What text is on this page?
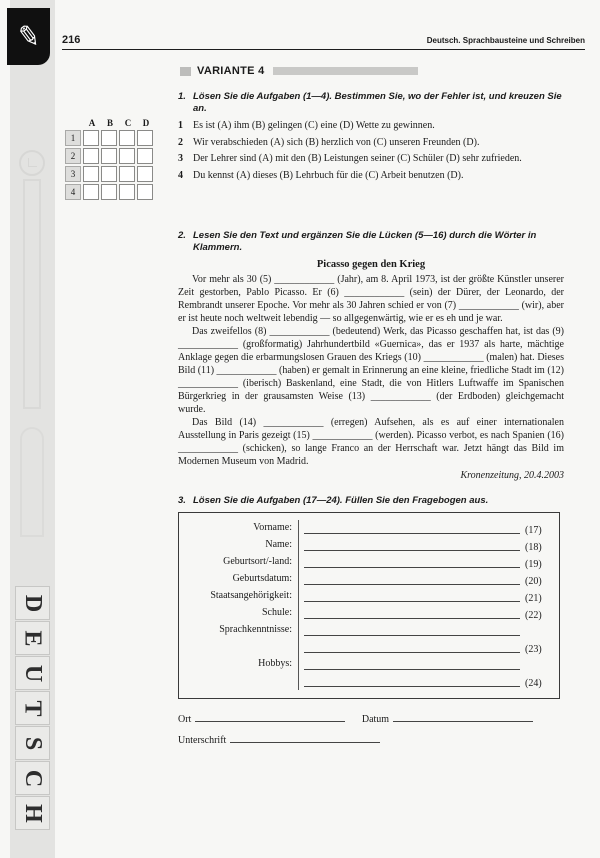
✎
D
E
U
T
S
C
H
216	Deutsch. Sprachbausteine und Schreiben
VARIANTE 4
1. Lösen Sie die Aufgaben (1—4). Bestimmen Sie, wo der Fehler ist, und kreuzen Sie an.
A	B	C	D
1
2
3
4
1	Es ist (A) ihm (B) gelingen (C) eine (D) Wette zu gewinnen.
2	Wir verabschieden (A) sich (B) herzlich von (C) unseren Freunden (D).
3	Der Lehrer sind (A) mit den (B) Leistungen seiner (C) Schüler (D) sehr zufrieden.
4	Du kennst (A) dieses (B) Lehrbuch für die (C) Arbeit benutzen (D).
2. Lesen Sie den Text und ergänzen Sie die Lücken (5—16) durch die Wörter in Klammern.
Picasso gegen den Krieg

Vor mehr als 30 (5) ____________ (Jahr), am 8. April 1973, ist der größte Künstler unserer Zeit gestorben, Pablo Picasso. Er (6) ____________ (sein) der Dürer, der Leonardo, der Rembrandt unserer Epoche. Vor mehr als 30 Jahren schied er von (7) ____________ (wir), aber er ist heute noch weltweit lebendig — so allgegenwärtig, wie er es eh und je war.

Das zweifellos (8) ____________ (bedeutend) Werk, das Picasso geschaffen hat, ist das (9) ____________ (großformatig) Jahrhundertbild «Guernica», das er 1937 als harte, mächtige Anklage gegen die erbarmungslosen Grauen des Kriegs (10) ____________ (malen) hat. Dieses Bild (11) ____________ (haben) er gemalt in Erinnerung an eine kleine, friedliche Stadt im (12) ____________ (iberisch) Baskenland, eine Stadt, die von Hitlers Luftwaffe im Spanischen Bürgerkrieg in der grausamsten Weise (13) ____________ (der Erdboden) gleichgemacht wurde.

Das Bild (14) ____________ (erregen) Aufsehen, als es auf einer internationalen Ausstellung in Paris gezeigt (15) ____________ (werden). Picasso verbot, es nach Spanien (16) ____________ (schicken), so lange Franco an der Herrschaft war. Jetzt hängt das Bild im Modernen Museum von Madrid.

Kronenzeitung, 20.4.2003
3. Lösen Sie die Aufgaben (17—24). Füllen Sie den Fragebogen aus.
Vorname:	(17)
Name:	(18)
Geburtsort/-land:	(19)
Geburtsdatum:	(20)
Staatsangehörigkeit:	(21)
Schule:	(22)
Sprachkenntnisse:
(23)
Hobbys:
(24)
Ort	Datum
Unterschrift
